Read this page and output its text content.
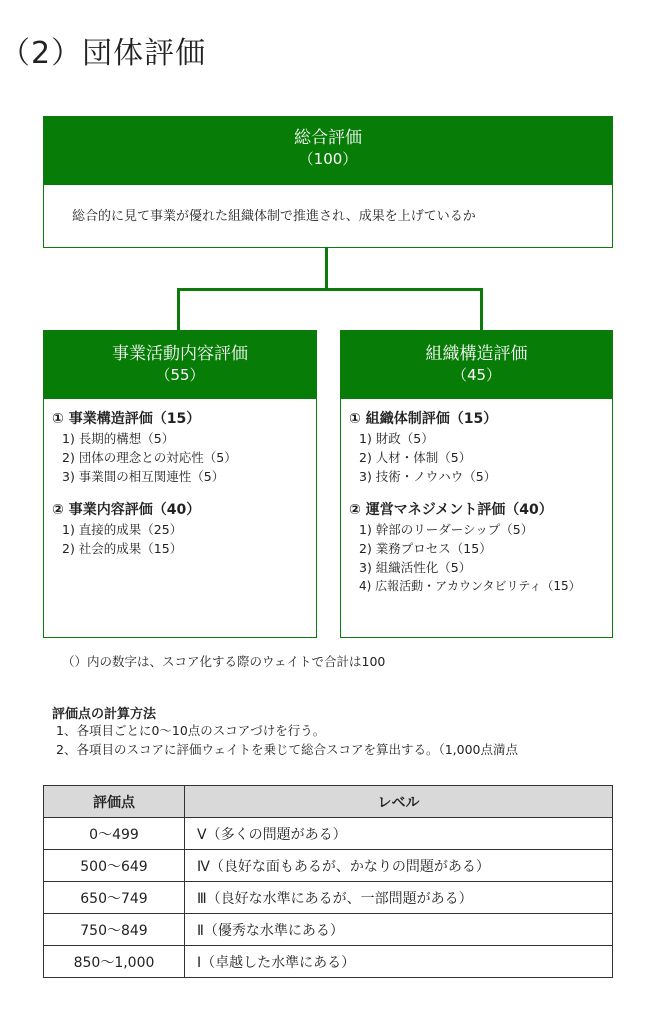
（2）団体評価
総合評価
（100）
総合的に見て事業が優れた組織体制で推進され、成果を上げているか
事業活動内容評価
（55）
① 事業構造評価（15）
1) 長期的構想（5）
2) 団体の理念との対応性（5）
3) 事業間の相互関連性（5）
② 事業内容評価（40）
1) 直接的成果（25）
2) 社会的成果（15）
組織構造評価
（45）
① 組織体制評価（15）
1) 財政（5）
2) 人材・体制（5）
3) 技術・ノウハウ（5）
② 運営マネジメント評価（40）
1) 幹部のリーダーシップ（5）
2) 業務プロセス（15）
3) 組織活性化（5）
4) 広報活動・アカウンタビリティ（15）
（）内の数字は、スコア化する際のウェイトで合計は100
評価点の計算方法
1、各項目ごとに0～10点のスコアづけを行う。
2、各項目のスコアに評価ウェイトを乗じて総合スコアを算出する。（1,000点満点
評価点	レベル
0～499	Ⅴ（多くの問題がある）
500～649	Ⅳ（良好な面もあるが、かなりの問題がある）
650～749	Ⅲ（良好な水準にあるが、一部問題がある）
750～849	Ⅱ（優秀な水準にある）
850～1,000	Ⅰ（卓越した水準にある）
